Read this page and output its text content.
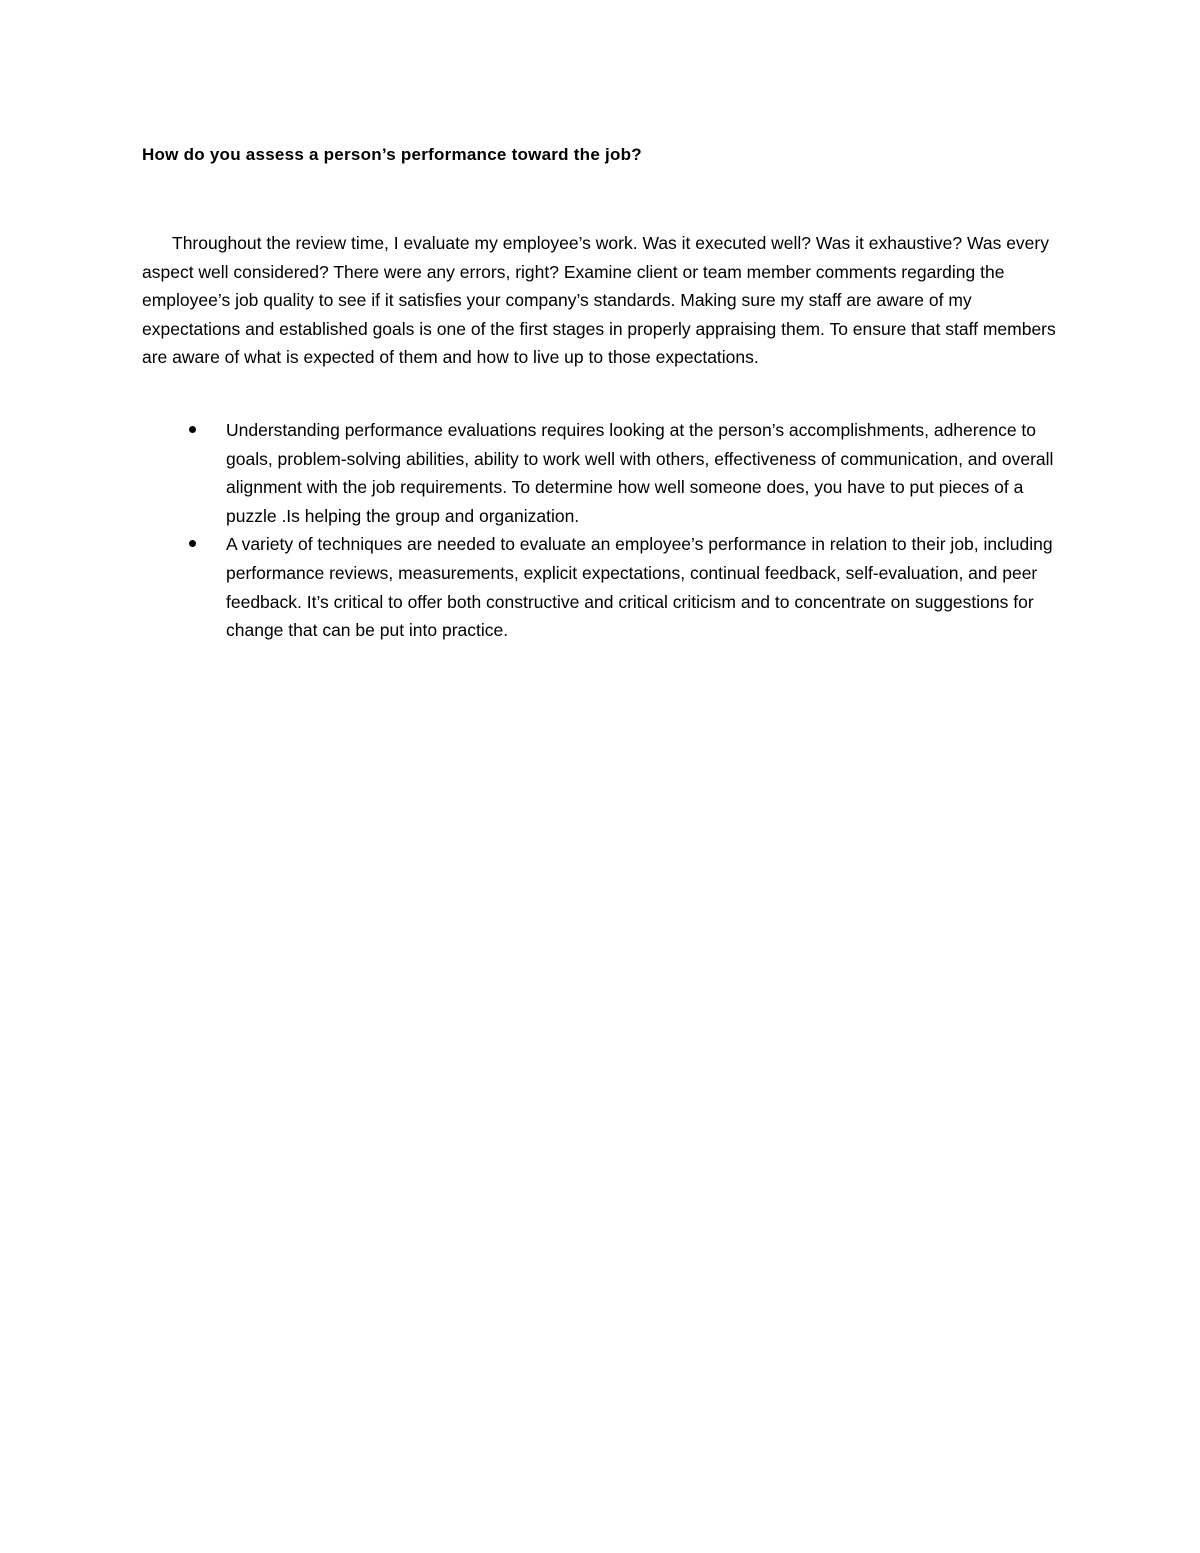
How do you assess a person’s performance toward the job?

Throughout the review time, I evaluate my employee’s work. Was it executed well? Was it exhaustive? Was every aspect well considered? There were any errors, right? Examine client or team member comments regarding the employee’s job quality to see if it satisfies your company’s standards. Making sure my staff are aware of my expectations and established goals is one of the first stages in properly appraising them. To ensure that staff members are aware of what is expected of them and how to live up to those expectations.

Understanding performance evaluations requires looking at the person’s accomplishments, adherence to goals, problem-solving abilities, ability to work well with others, effectiveness of communication, and overall alignment with the job requirements. To determine how well someone does, you have to put pieces of a puzzle .Is helping the group and organization.
A variety of techniques are needed to evaluate an employee’s performance in relation to their job, including performance reviews, measurements, explicit expectations, continual feedback, self-evaluation, and peer feedback. It’s critical to offer both constructive and critical criticism and to concentrate on suggestions for change that can be put into practice.
